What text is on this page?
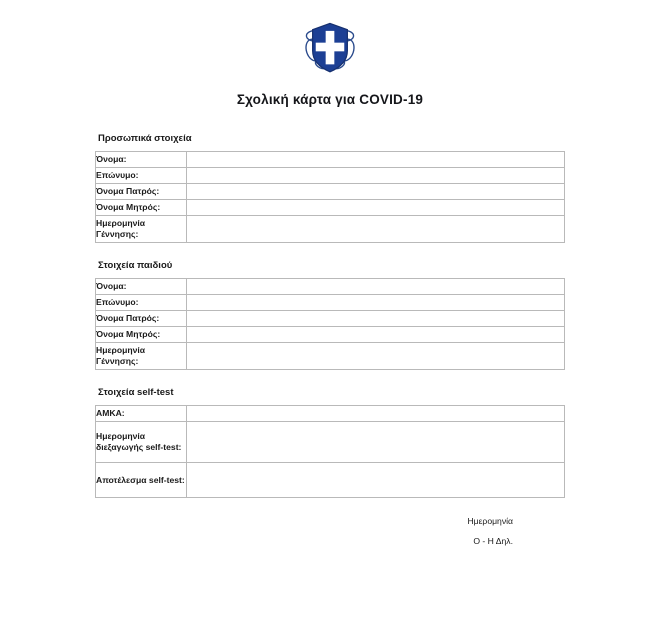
Σχολική κάρτα για COVID-19
Προσωπικά στοιχεία
Όνομα:	
Επώνυμο:	
Όνομα Πατρός:	
Όνομα Μητρός:	
Ημερομηνία Γέννησης:	
Στοιχεία παιδιού
Όνομα:	
Επώνυμο:	
Όνομα Πατρός:	
Όνομα Μητρός:	
Ημερομηνία Γέννησης:	
Στοιχεία self-test
ΑΜΚΑ:	
Ημερομηνία διεξαγωγής self-test:	
Αποτέλεσμα self-test:	
Ημερομηνία
Ο - Η Δηλ.
